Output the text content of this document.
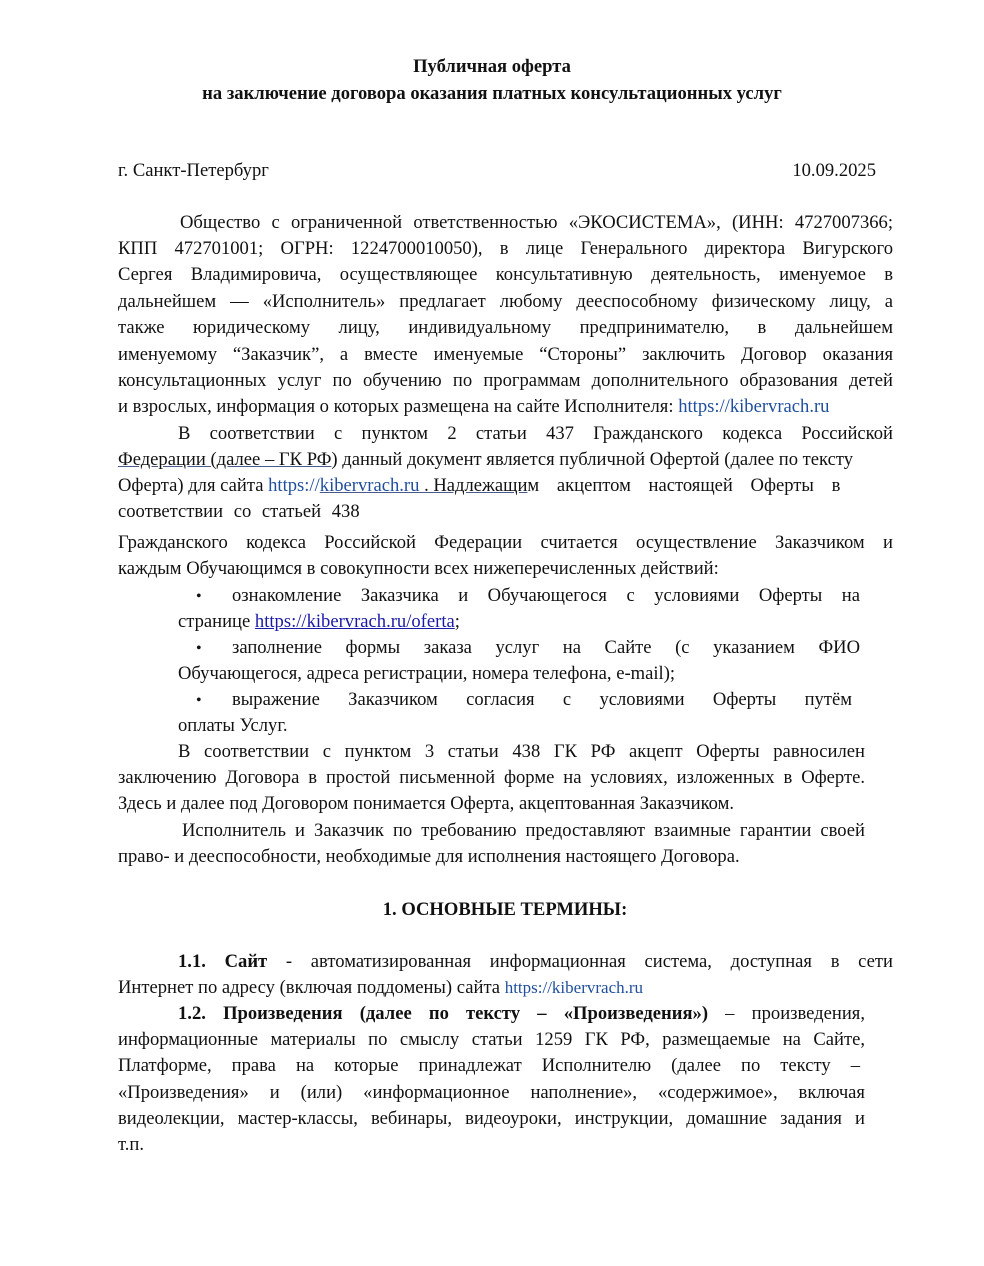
Публичная оферта
на заключение договора оказания платных консультационных услуг
г. Санкт-Петербург	10.09.2025
Общество с ограниченной ответственностью «ЭКОСИСТЕМА», (ИНН: 4727007366;
КПП 472701001; ОГРН: 1224700010050), в лице Генерального директора Вигурского
Сергея Владимировича, осуществляющее консультативную деятельность, именуемое в
дальнейшем — «Исполнитель» предлагает любому дееспособному физическому лицу, а
также юридическому лицу, индивидуальному предпринимателю, в дальнейшем
именуемому “Заказчик”, а вместе именуемые “Стороны” заключить Договор оказания
консультационных услуг по обучению по программам дополнительного образования детей
и взрослых, информация о которых размещена на сайте Исполнителя: https://kibervrach.ru
В соответствии с пунктом 2 статьи 437 Гражданского кодекса Российской
Федерации (далее – ГК РФ) данный документ является публичной Офертой (далее по тексту
Оферта) для сайта https://kibervrach.ru . Надлежащим акцептом настоящей Оферты в
соответствии со статьей 438
Гражданского кодекса Российской Федерации считается осуществление Заказчиком и
каждым Обучающимся в совокупности всех нижеперечисленных действий:
• ознакомление Заказчика и Обучающегося с условиями Оферты на
странице https://kibervrach.ru/oferta;
• заполнение формы заказа услуг на Сайте (с указанием ФИО
Обучающегося, адреса регистрации, номера телефона, e-mail);
• выражение Заказчиком согласия с условиями Оферты путём
оплаты Услуг.
В соответствии с пунктом 3 статьи 438 ГК РФ акцепт Оферты равносилен
заключению Договора в простой письменной форме на условиях, изложенных в Оферте.
Здесь и далее под Договором понимается Оферта, акцептованная Заказчиком.
Исполнитель и Заказчик по требованию предоставляют взаимные гарантии своей
право- и дееспособности, необходимые для исполнения настоящего Договора.
1. ОСНОВНЫЕ ТЕРМИНЫ:
1.1. Сайт - автоматизированная информационная система, доступная в сети
Интернет по адресу (включая поддомены) сайта https://kibervrach.ru
1.2. Произведения (далее по тексту – «Произведения») – произведения,
информационные материалы по смыслу статьи 1259 ГК РФ, размещаемые на Сайте,
Платформе, права на которые принадлежат Исполнителю (далее по тексту –
«Произведения» и (или) «информационное наполнение», «содержимое», включая
видеолекции, мастер-классы, вебинары, видеоуроки, инструкции, домашние задания и
т.п.
